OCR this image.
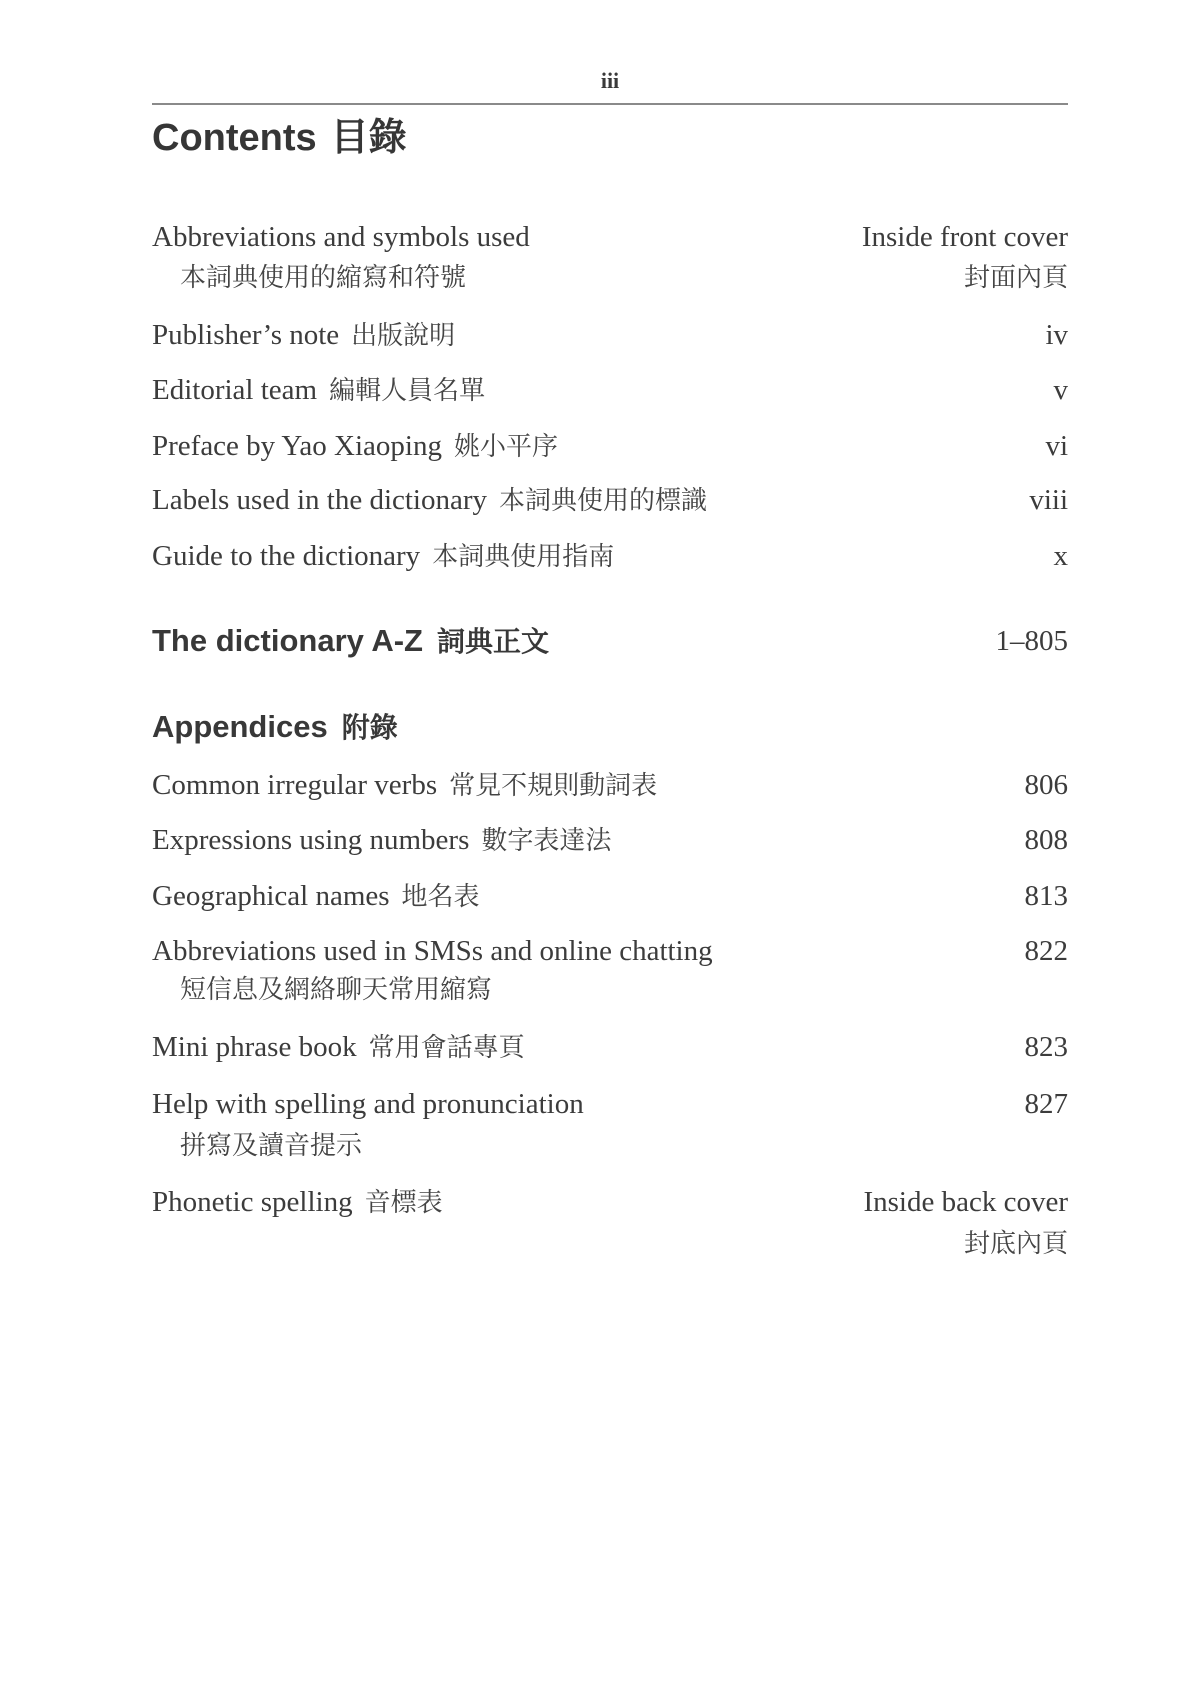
iii
Contents 目錄
Abbreviations and symbols used	Inside front cover
本詞典使用的縮寫和符號	封面內頁
Publisher’s note 出版說明	iv
Editorial team 編輯人員名單	v
Preface by Yao Xiaoping 姚小平序	vi
Labels used in the dictionary 本詞典使用的標識	viii
Guide to the dictionary 本詞典使用指南	x
The dictionary A-Z 詞典正文	1–805
Appendices 附錄
Common irregular verbs 常見不規則動詞表	806
Expressions using numbers 數字表達法	808
Geographical names 地名表	813
Abbreviations used in SMSs and online chatting	822
短信息及網絡聊天常用縮寫
Mini phrase book 常用會話專頁	823
Help with spelling and pronunciation	827
拼寫及讀音提示
Phonetic spelling 音標表	Inside back cover
封底內頁
